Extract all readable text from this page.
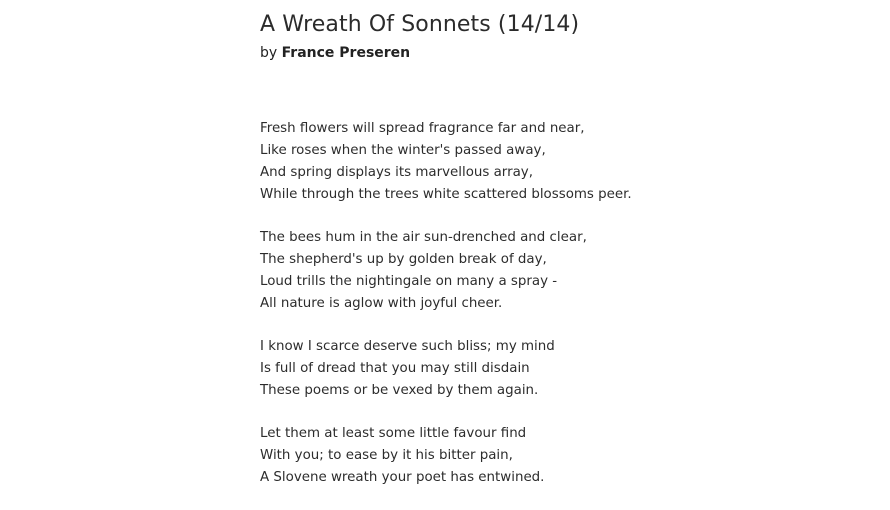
A Wreath Of Sonnets (14/14)

by France Preseren

Fresh flowers will spread fragrance far and near,
Like roses when the winter's passed away,
And spring displays its marvellous array,
While through the trees white scattered blossoms peer.
The bees hum in the air sun-drenched and clear,
The shepherd's up by golden break of day,
Loud trills the nightingale on many a spray -
All nature is aglow with joyful cheer.
I know I scarce deserve such bliss; my mind
Is full of dread that you may still disdain
These poems or be vexed by them again.
Let them at least some little favour find
With you; to ease by it his bitter pain,
A Slovene wreath your poet has entwined.
